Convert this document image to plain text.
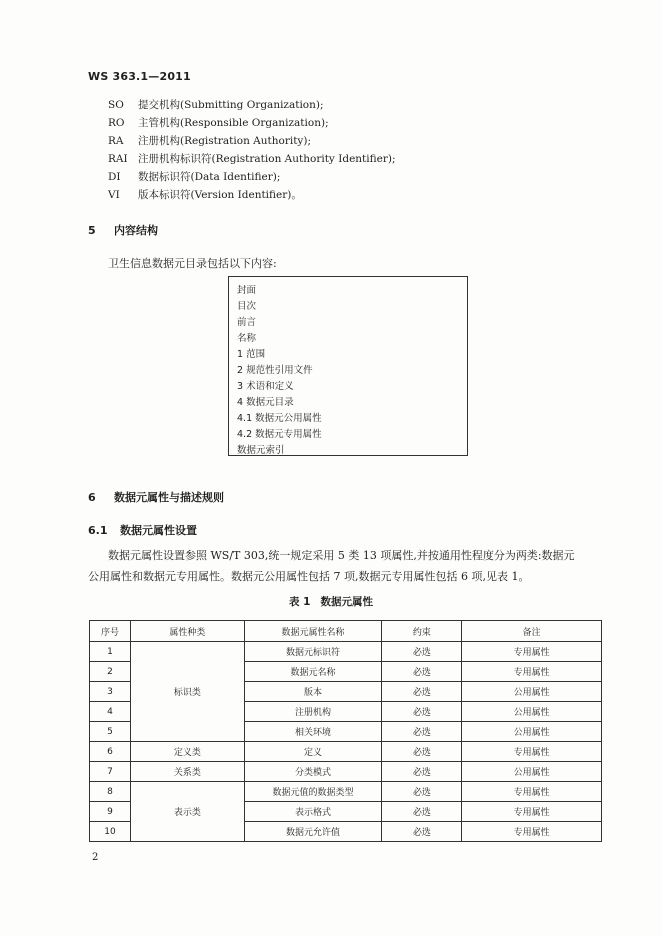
WS 363.1—2011
SO 提交机构(Submitting Organization);
RO 主管机构(Responsible Organization);
RA 注册机构(Registration Authority);
RAI 注册机构标识符(Registration Authority Identifier);
DI 数据标识符(Data Identifier);
VI 版本标识符(Version Identifier)。
5 内容结构
卫生信息数据元目录包括以下内容:
封面
目次
前言
名称
1 范围
2 规范性引用文件
3 术语和定义
4 数据元目录
4.1 数据元公用属性
4.2 数据元专用属性
数据元索引
6 数据元属性与描述规则
6.1 数据元属性设置
数据元属性设置参照 WS/T 303,统一规定采用 5 类 13 项属性,并按通用性程度分为两类:数据元
公用属性和数据元专用属性。数据元公用属性包括 7 项,数据元专用属性包括 6 项,见表 1。
表 1 数据元属性
序号	属性种类	数据元属性名称	约束	备注
1	标识类	数据元标识符	必选	专用属性
2		数据元名称	必选	专用属性
3		版本	必选	公用属性
4		注册机构	必选	公用属性
5		相关环境	必选	公用属性
6	定义类	定义	必选	专用属性
7	关系类	分类模式	必选	公用属性
8	表示类	数据元值的数据类型	必选	专用属性
9		表示格式	必选	专用属性
10		数据元允许值	必选	专用属性
2
